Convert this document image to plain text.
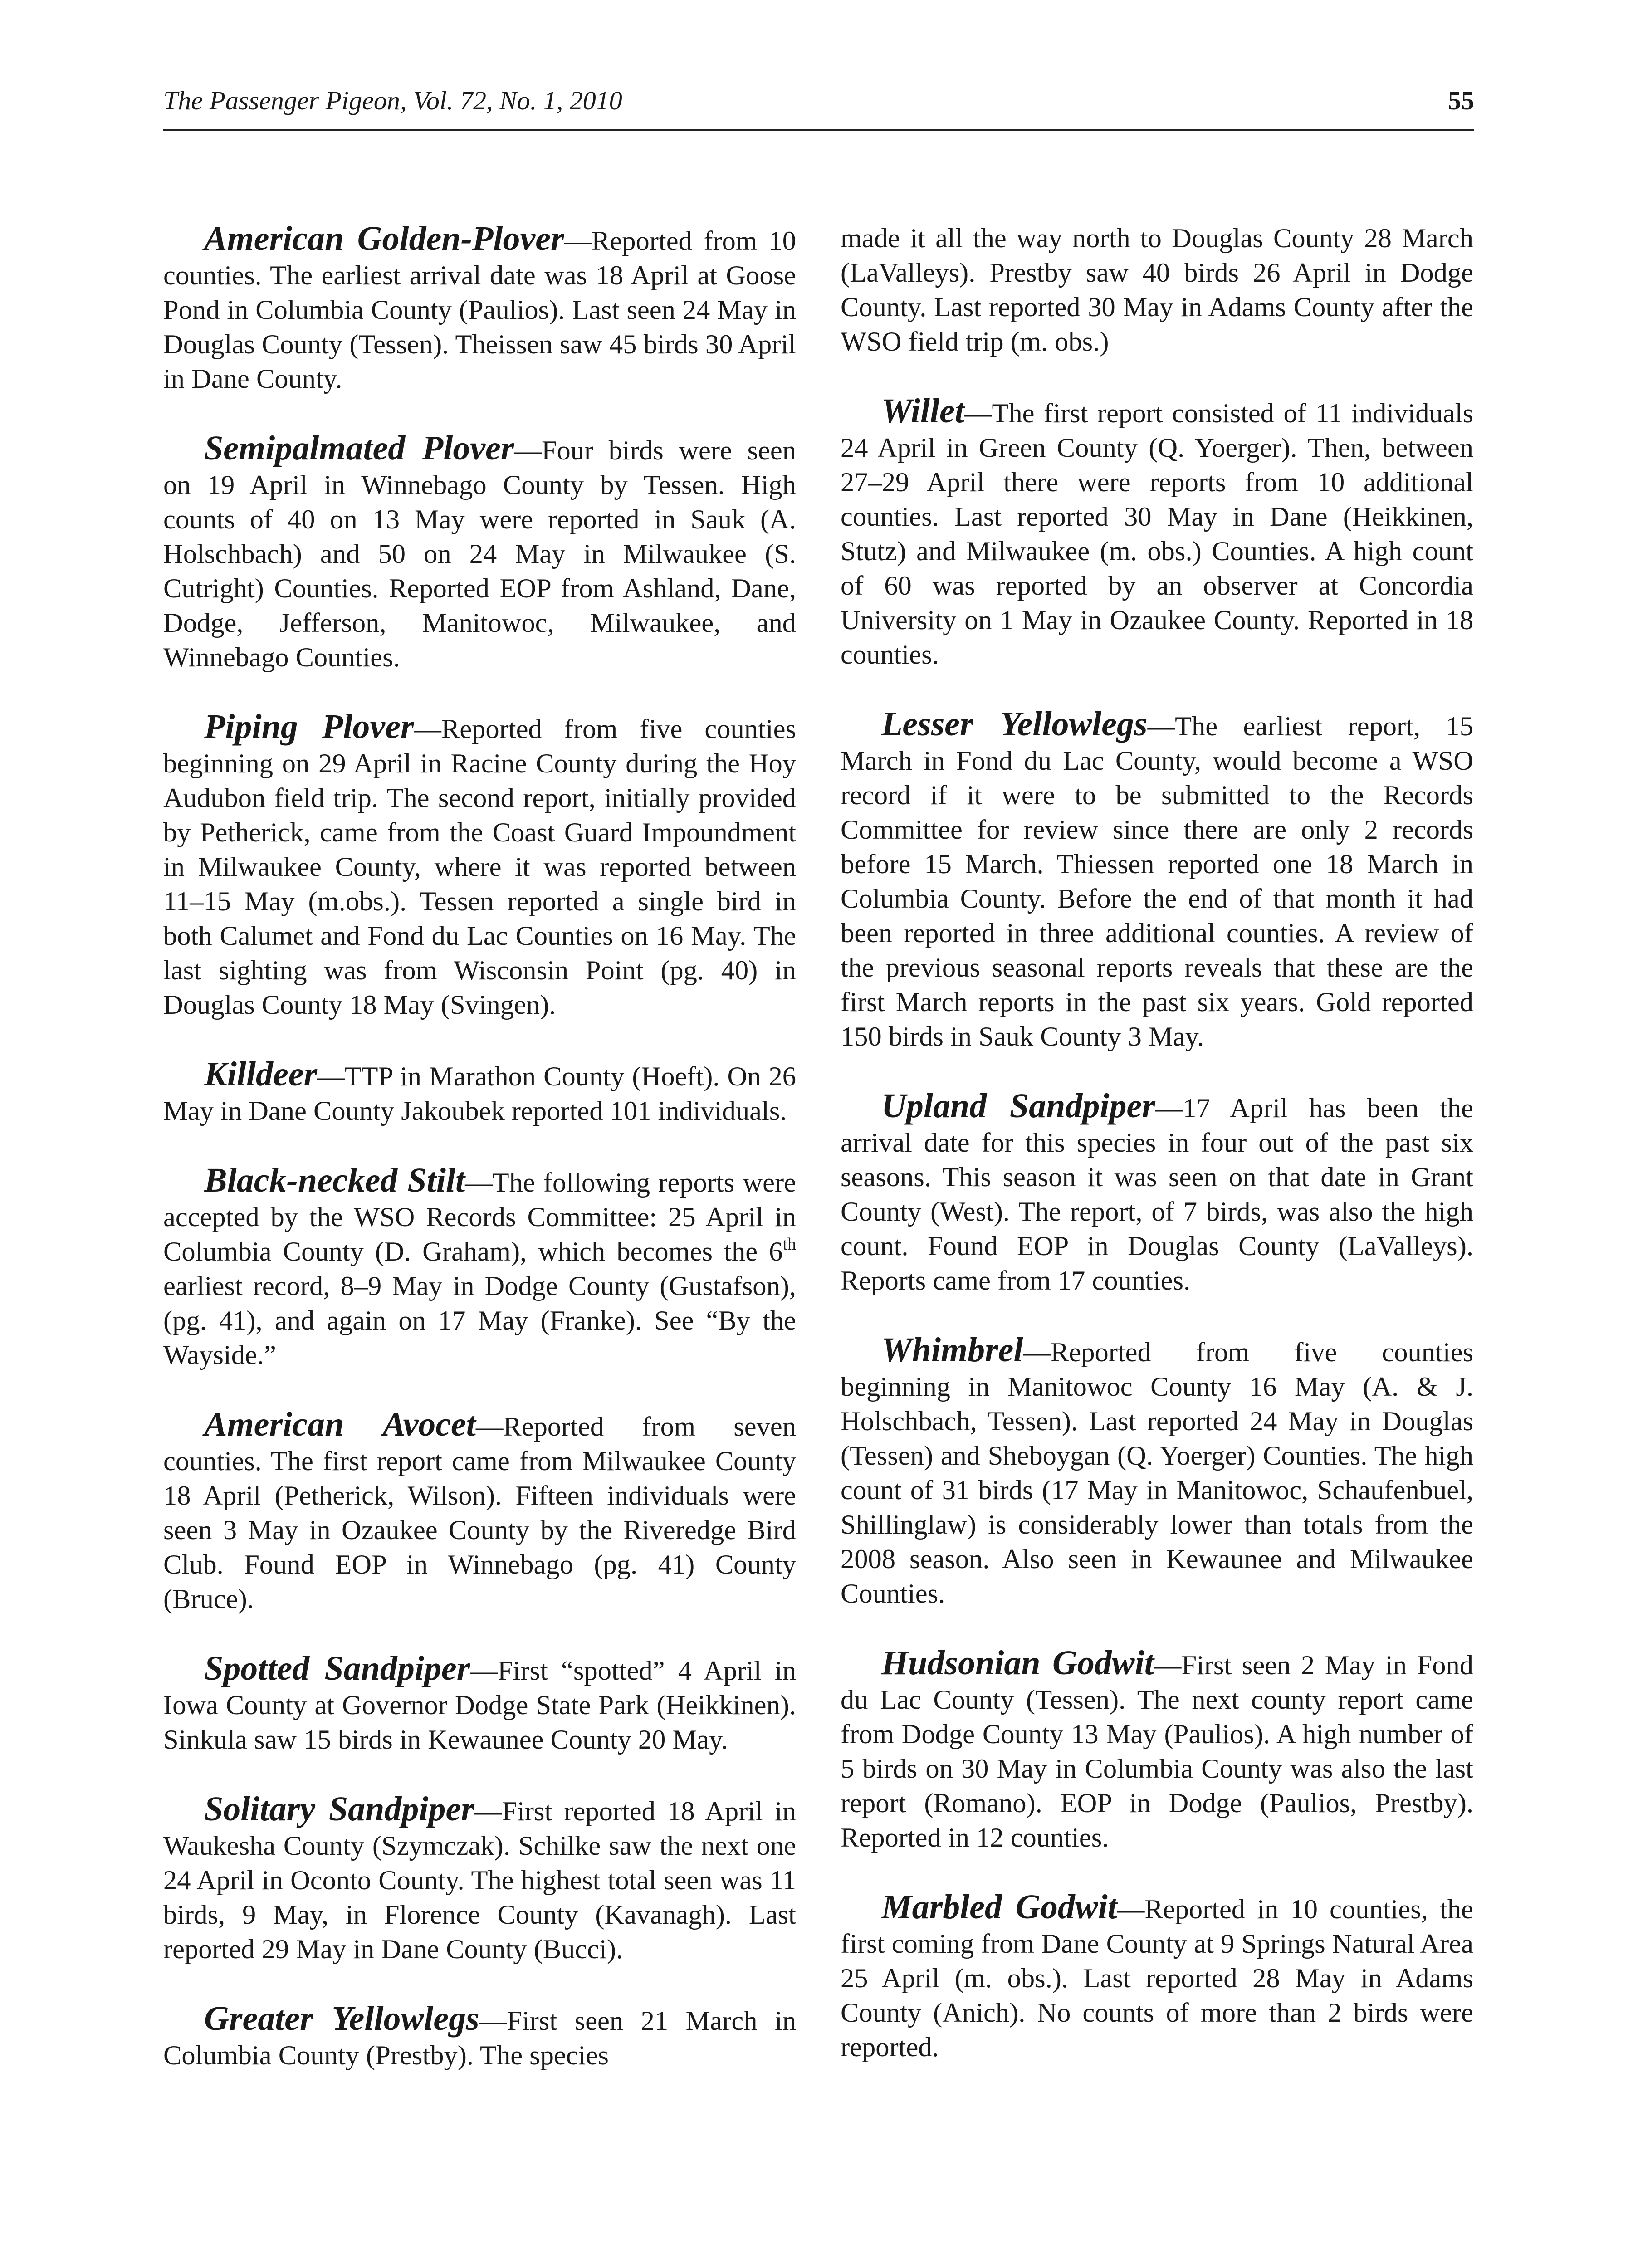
The Passenger Pigeon, Vol. 72, No. 1, 2010	55

American Golden-Plover—Reported from 10 counties. The earliest arrival date was 18 April at Goose Pond in Columbia County (Paulios). Last seen 24 May in Douglas County (Tessen). Theissen saw 45 birds 30 April in Dane County.

Semipalmated Plover—Four birds were seen on 19 April in Winnebago County by Tessen. High counts of 40 on 13 May were reported in Sauk (A. Holschbach) and 50 on 24 May in Milwaukee (S. Cutright) Counties. Reported EOP from Ashland, Dane, Dodge, Jefferson, Manitowoc, Milwaukee, and Winnebago Counties.

Piping Plover—Reported from five counties beginning on 29 April in Racine County during the Hoy Audubon field trip. The second report, initially provided by Petherick, came from the Coast Guard Impoundment in Milwaukee County, where it was reported between 11–15 May (m.obs.). Tessen reported a single bird in both Calumet and Fond du Lac Counties on 16 May. The last sighting was from Wisconsin Point (pg. 40) in Douglas County 18 May (Svingen).

Killdeer—TTP in Marathon County (Hoeft). On 26 May in Dane County Jakoubek reported 101 individuals.

Black-necked Stilt—The following reports were accepted by the WSO Records Committee: 25 April in Columbia County (D. Graham), which becomes the 6th earliest record, 8–9 May in Dodge County (Gustafson), (pg. 41), and again on 17 May (Franke). See “By the Wayside.”

American Avocet—Reported from seven counties. The first report came from Milwaukee County 18 April (Petherick, Wilson). Fifteen individuals were seen 3 May in Ozaukee County by the Riveredge Bird Club. Found EOP in Winnebago (pg. 41) County (Bruce).

Spotted Sandpiper—First “spotted” 4 April in Iowa County at Governor Dodge State Park (Heikkinen). Sinkula saw 15 birds in Kewaunee County 20 May.

Solitary Sandpiper—First reported 18 April in Waukesha County (Szymczak). Schilke saw the next one 24 April in Oconto County. The highest total seen was 11 birds, 9 May, in Florence County (Kavanagh). Last reported 29 May in Dane County (Bucci).

Greater Yellowlegs—First seen 21 March in Columbia County (Prestby). The species

made it all the way north to Douglas County 28 March (LaValleys). Prestby saw 40 birds 26 April in Dodge County. Last reported 30 May in Adams County after the WSO field trip (m. obs.)

Willet—The first report consisted of 11 individuals 24 April in Green County (Q. Yoerger). Then, between 27–29 April there were reports from 10 additional counties. Last reported 30 May in Dane (Heikkinen, Stutz) and Milwaukee (m. obs.) Counties. A high count of 60 was reported by an observer at Concordia University on 1 May in Ozaukee County. Reported in 18 counties.

Lesser Yellowlegs—The earliest report, 15 March in Fond du Lac County, would become a WSO record if it were to be submitted to the Records Committee for review since there are only 2 records before 15 March. Thiessen reported one 18 March in Columbia County. Before the end of that month it had been reported in three additional counties. A review of the previous seasonal reports reveals that these are the first March reports in the past six years. Gold reported 150 birds in Sauk County 3 May.

Upland Sandpiper—17 April has been the arrival date for this species in four out of the past six seasons. This season it was seen on that date in Grant County (West). The report, of 7 birds, was also the high count. Found EOP in Douglas County (LaValleys). Reports came from 17 counties.

Whimbrel—Reported from five counties beginning in Manitowoc County 16 May (A. & J. Holschbach, Tessen). Last reported 24 May in Douglas (Tessen) and Sheboygan (Q. Yoerger) Counties. The high count of 31 birds (17 May in Manitowoc, Schaufenbuel, Shillinglaw) is considerably lower than totals from the 2008 season. Also seen in Kewaunee and Milwaukee Counties.

Hudsonian Godwit—First seen 2 May in Fond du Lac County (Tessen). The next county report came from Dodge County 13 May (Paulios). A high number of 5 birds on 30 May in Columbia County was also the last report (Romano). EOP in Dodge (Paulios, Prestby). Reported in 12 counties.

Marbled Godwit—Reported in 10 counties, the first coming from Dane County at 9 Springs Natural Area 25 April (m. obs.). Last reported 28 May in Adams County (Anich). No counts of more than 2 birds were reported.
